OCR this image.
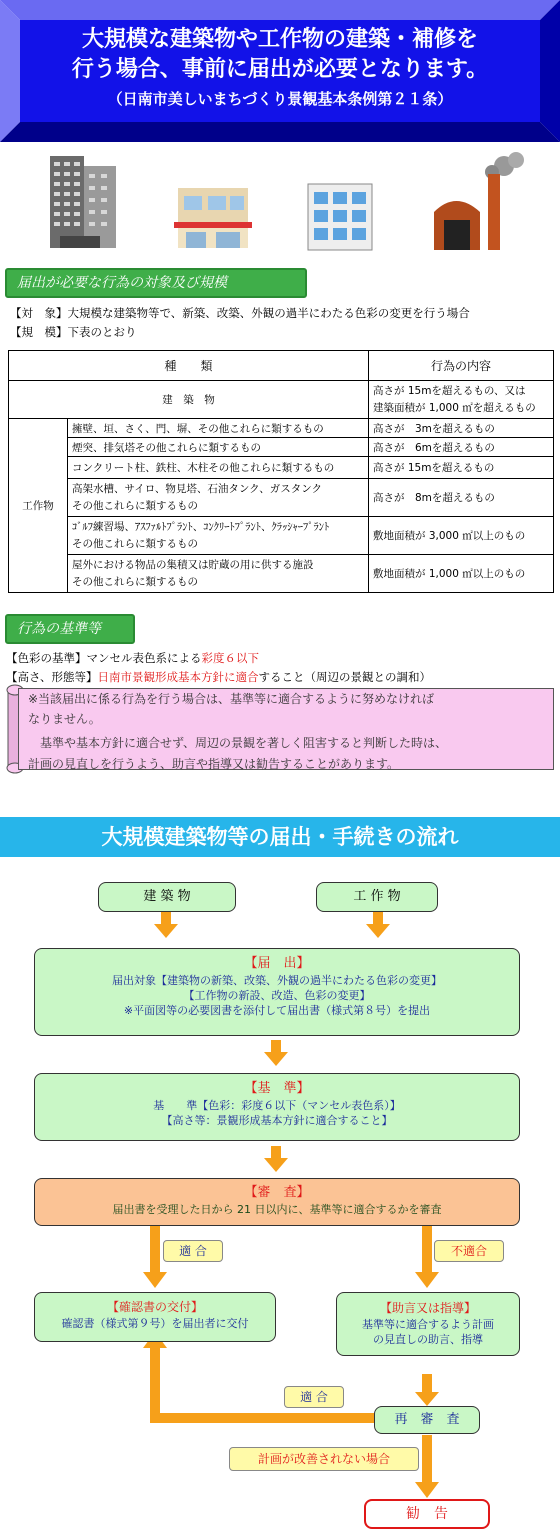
大規模な建築物や工作物の建築・補修を
行う場合、事前に届出が必要となります。
（日南市美しいまちづくり景観基本条例第２１条）
届出が必要な行為の対象及び規模
【対　象】大規模な建築物等で、新築、改築、外観の過半にわたる色彩の変更を行う場合
【規　模】下表のとおり
種　　類		行為の内容
建　築　物		高さが 15mを超えるもの、又は
建築面積が 1,000 ㎡を超えるもの

工作物	擁壁、垣、さく、門、塀、その他これらに類するもの	高さが　3mを超えるもの
	煙突、排気塔その他これらに類するもの	高さが　6mを超えるもの
	コンクリート柱、鉄柱、木柱その他これらに類するもの	高さが 15mを超えるもの

	高架水槽、サイロ、物見塔、石油タンク、ガスタンク
その他これらに類するもの	高さが　8mを超えるもの

	ｺﾞﾙﾌ練習場、ｱｽﾌｧﾙﾄﾌﾟﾗﾝﾄ、ｺﾝｸﾘｰﾄﾌﾟﾗﾝﾄ、ｸﾗｯｼｬｰﾌﾟﾗﾝﾄ
その他これらに類するもの	敷地面積が 3,000 ㎡以上のもの

	屋外における物品の集積又は貯蔵の用に供する施設
その他これらに類するもの	敷地面積が 1,000 ㎡以上のもの
行為の基準等
【色彩の基準】マンセル表色系による彩度６以下
【高さ、形態等】日南市景観形成基本方針に適合すること（周辺の景観との調和）
※当該届出に係る行為を行う場合は、基準等に適合するように努めなければ
なりません。
　基準や基本方針に適合せず、周辺の景観を著しく阻害すると判断した時は、
計画の見直しを行うよう、助言や指導又は勧告することがあります。
大規模建築物等の届出・手続きの流れ
建 築 物	工 作 物
【届　出】
届出対象【建築物の新築、改築、外観の過半にわたる色彩の変更】
【工作物の新設、改造、色彩の変更】
※平面図等の必要図書を添付して届出書（様式第８号）を提出
【基　準】
基　　準【色彩：彩度６以下（マンセル表色系）】
【高さ等：景観形成基本方針に適合すること】
【審　査】
届出書を受理した日から 21 日以内に、基準等に適合するかを審査
適 合	不適合
【確認書の交付】
確認書（様式第９号）を届出者に交付
【助言又は指導】
基準等に適合するよう計画
の見直しの助言、指導
適 合
再　審　査
計画が改善されない場合
勧　告
